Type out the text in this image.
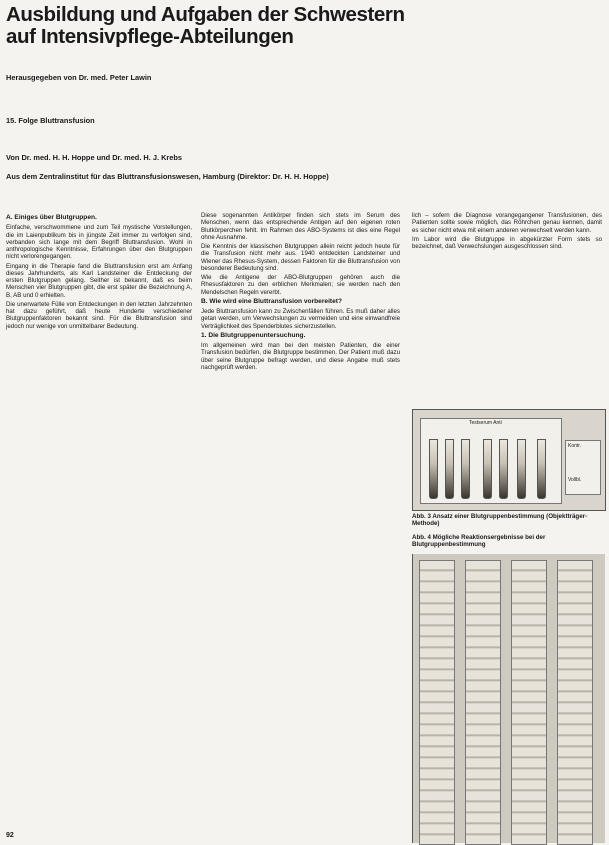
Ausbildung und Aufgaben der Schwestern
auf Intensivpflege-Abteilungen
Herausgegeben von Dr. med. Peter Lawin
15. Folge Bluttransfusion
Von Dr. med. H. H. Hoppe und Dr. med. H. J. Krebs
Aus dem Zentralinstitut für das Bluttransfusionswesen, Hamburg (Direktor: Dr. H. H. Hoppe)
A. Einiges über Blutgruppen.

Einfache, verschwommene und zum Teil mystische Vorstellungen, die im Laienpublikum bis in jüngste Zeit immer zu verfolgen sind, verbanden sich lange mit dem Begriff Bluttransfusion. Wohl in anthropologische Kenntnisse, Erfahrungen über den Blutgruppen nicht verlorengegangen.

Eingang in die Therapie fand die Bluttransfusion erst am Anfang dieses Jahrhunderts, als Karl Landsteiner die Entdeckung der ersten Blutgruppen gelang. Seither ist bekannt, daß es beim Menschen vier Blutgruppen gibt, die erst später die Bezeichnung A, B, AB und 0 erhielten.

Die unerwartete Fülle von Entdeckungen in den letzten Jahrzehnten hat dazu geführt, daß heute Hunderte verschiedener Blutgruppenfaktoren bekannt sind. Für die Bluttransfusion sind jedoch nur wenige von unmittelbarer Bedeutung.

Diese sogenannten Antikörper finden sich stets im Serum des Menschen, wenn das entsprechende Antigen auf den eigenen roten Blutkörperchen fehlt. Im Rahmen des ABO-Systems ist dies eine Regel ohne Ausnahme.

Die Kenntnis der klassischen Blutgruppen allein reicht jedoch heute für die Transfusion nicht mehr aus. 1940 entdeckten Landsteiner und Wiener das Rhesus-System, dessen Faktoren für die Bluttransfusion von besonderer Bedeutung sind.

Wie die Antigene der ABO-Blutgruppen gehören auch die Rhesusfaktoren zu den erblichen Merkmalen; sie werden nach den Mendelschen Regeln vererbt.

B. Wie wird eine Bluttransfusion vorbereitet?

Jede Bluttransfusion kann zu Zwischenfällen führen. Es muß daher alles getan werden, um Verwechslungen zu vermeiden und eine einwandfreie Verträglichkeit des Spenderblutes sicherzustellen.

1. Die Blutgruppenuntersuchung.

Im allgemeinen wird man bei den meisten Patienten, die einer Transfusion bedürfen, die Blutgruppe bestimmen. Der Patient muß dazu über seine Blutgruppe befragt werden, und diese Angabe muß stets nachgeprüft werden.

lich – sofern die Diagnose vorangegangener Transfusionen, des Patienten sollte sowie möglich, das Röhrchen genau kennen, damit es sicher nicht etwa mit einem anderen verwechselt werden kann.

Im Labor wird die Blutgruppe in abgekürzter Form stets so bezeichnet, daß Verwechslungen ausgeschlossen sind.

Testserum Anti
Kontr.
Vollbl.
Abb. 3 Ansatz einer Blutgruppenbestimmung (Objektträger-Methode)
Abb. 4 Mögliche Reaktionsergebnisse bei der Blutgruppenbestimmung
92
